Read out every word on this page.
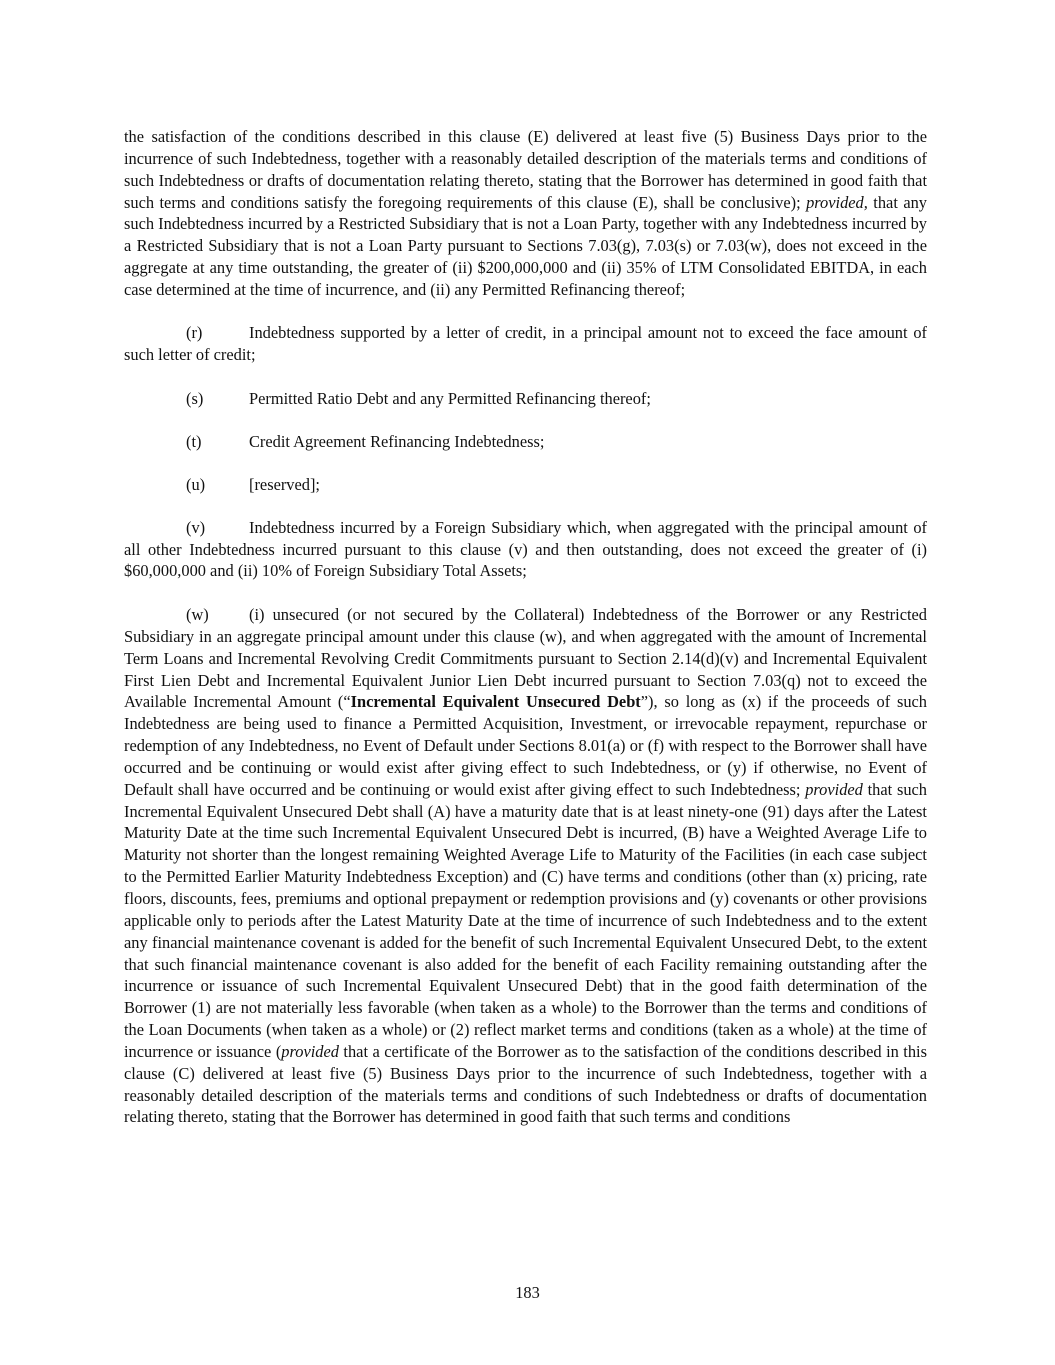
the satisfaction of the conditions described in this clause (E) delivered at least five (5) Business Days prior to the incurrence of such Indebtedness, together with a reasonably detailed description of the materials terms and conditions of such Indebtedness or drafts of documentation relating thereto, stating that the Borrower has determined in good faith that such terms and conditions satisfy the foregoing requirements of this clause (E), shall be conclusive); provided, that any such Indebtedness incurred by a Restricted Subsidiary that is not a Loan Party, together with any Indebtedness incurred by a Restricted Subsidiary that is not a Loan Party pursuant to Sections 7.03(g), 7.03(s) or 7.03(w), does not exceed in the aggregate at any time outstanding, the greater of (ii) $200,000,000 and (ii) 35% of LTM Consolidated EBITDA, in each case determined at the time of incurrence, and (ii) any Permitted Refinancing thereof;

(r)	Indebtedness supported by a letter of credit, in a principal amount not to exceed the face amount of such letter of credit;

(s)	Permitted Ratio Debt and any Permitted Refinancing thereof;

(t)	Credit Agreement Refinancing Indebtedness;

(u)	[reserved];

(v)	Indebtedness incurred by a Foreign Subsidiary which, when aggregated with the principal amount of all other Indebtedness incurred pursuant to this clause (v) and then outstanding, does not exceed the greater of (i) $60,000,000 and (ii) 10% of Foreign Subsidiary Total Assets;

(w) (i) unsecured (or not secured by the Collateral) Indebtedness of the Borrower or any Restricted Subsidiary in an aggregate principal amount under this clause (w), and when aggregated with the amount of Incremental Term Loans and Incremental Revolving Credit Commitments pursuant to Section 2.14(d)(v) and Incremental Equivalent First Lien Debt and Incremental Equivalent Junior Lien Debt incurred pursuant to Section 7.03(q) not to exceed the Available Incremental Amount (“Incremental Equivalent Unsecured Debt”), so long as (x) if the proceeds of such Indebtedness are being used to finance a Permitted Acquisition, Investment, or irrevocable repayment, repurchase or redemption of any Indebtedness, no Event of Default under Sections 8.01(a) or (f) with respect to the Borrower shall have occurred and be continuing or would exist after giving effect to such Indebtedness, or (y) if otherwise, no Event of Default shall have occurred and be continuing or would exist after giving effect to such Indebtedness; provided that such Incremental Equivalent Unsecured Debt shall (A) have a maturity date that is at least ninety-one (91) days after the Latest Maturity Date at the time such Incremental Equivalent Unsecured Debt is incurred, (B) have a Weighted Average Life to Maturity not shorter than the longest remaining Weighted Average Life to Maturity of the Facilities (in each case subject to the Permitted Earlier Maturity Indebtedness Exception) and (C) have terms and conditions (other than (x) pricing, rate floors, discounts, fees, premiums and optional prepayment or redemption provisions and (y) covenants or other provisions applicable only to periods after the Latest Maturity Date at the time of incurrence of such Indebtedness and to the extent any financial maintenance covenant is added for the benefit of such Incremental Equivalent Unsecured Debt, to the extent that such financial maintenance covenant is also added for the benefit of each Facility remaining outstanding after the incurrence or issuance of such Incremental Equivalent Unsecured Debt) that in the good faith determination of the Borrower (1) are not materially less favorable (when taken as a whole) to the Borrower than the terms and conditions of the Loan Documents (when taken as a whole) or (2) reflect market terms and conditions (taken as a whole) at the time of incurrence or issuance (provided that a certificate of the Borrower as to the satisfaction of the conditions described in this clause (C) delivered at least five (5) Business Days prior to the incurrence of such Indebtedness, together with a reasonably detailed description of the materials terms and conditions of such Indebtedness or drafts of documentation relating thereto, stating that the Borrower has determined in good faith that such terms and conditions

183
